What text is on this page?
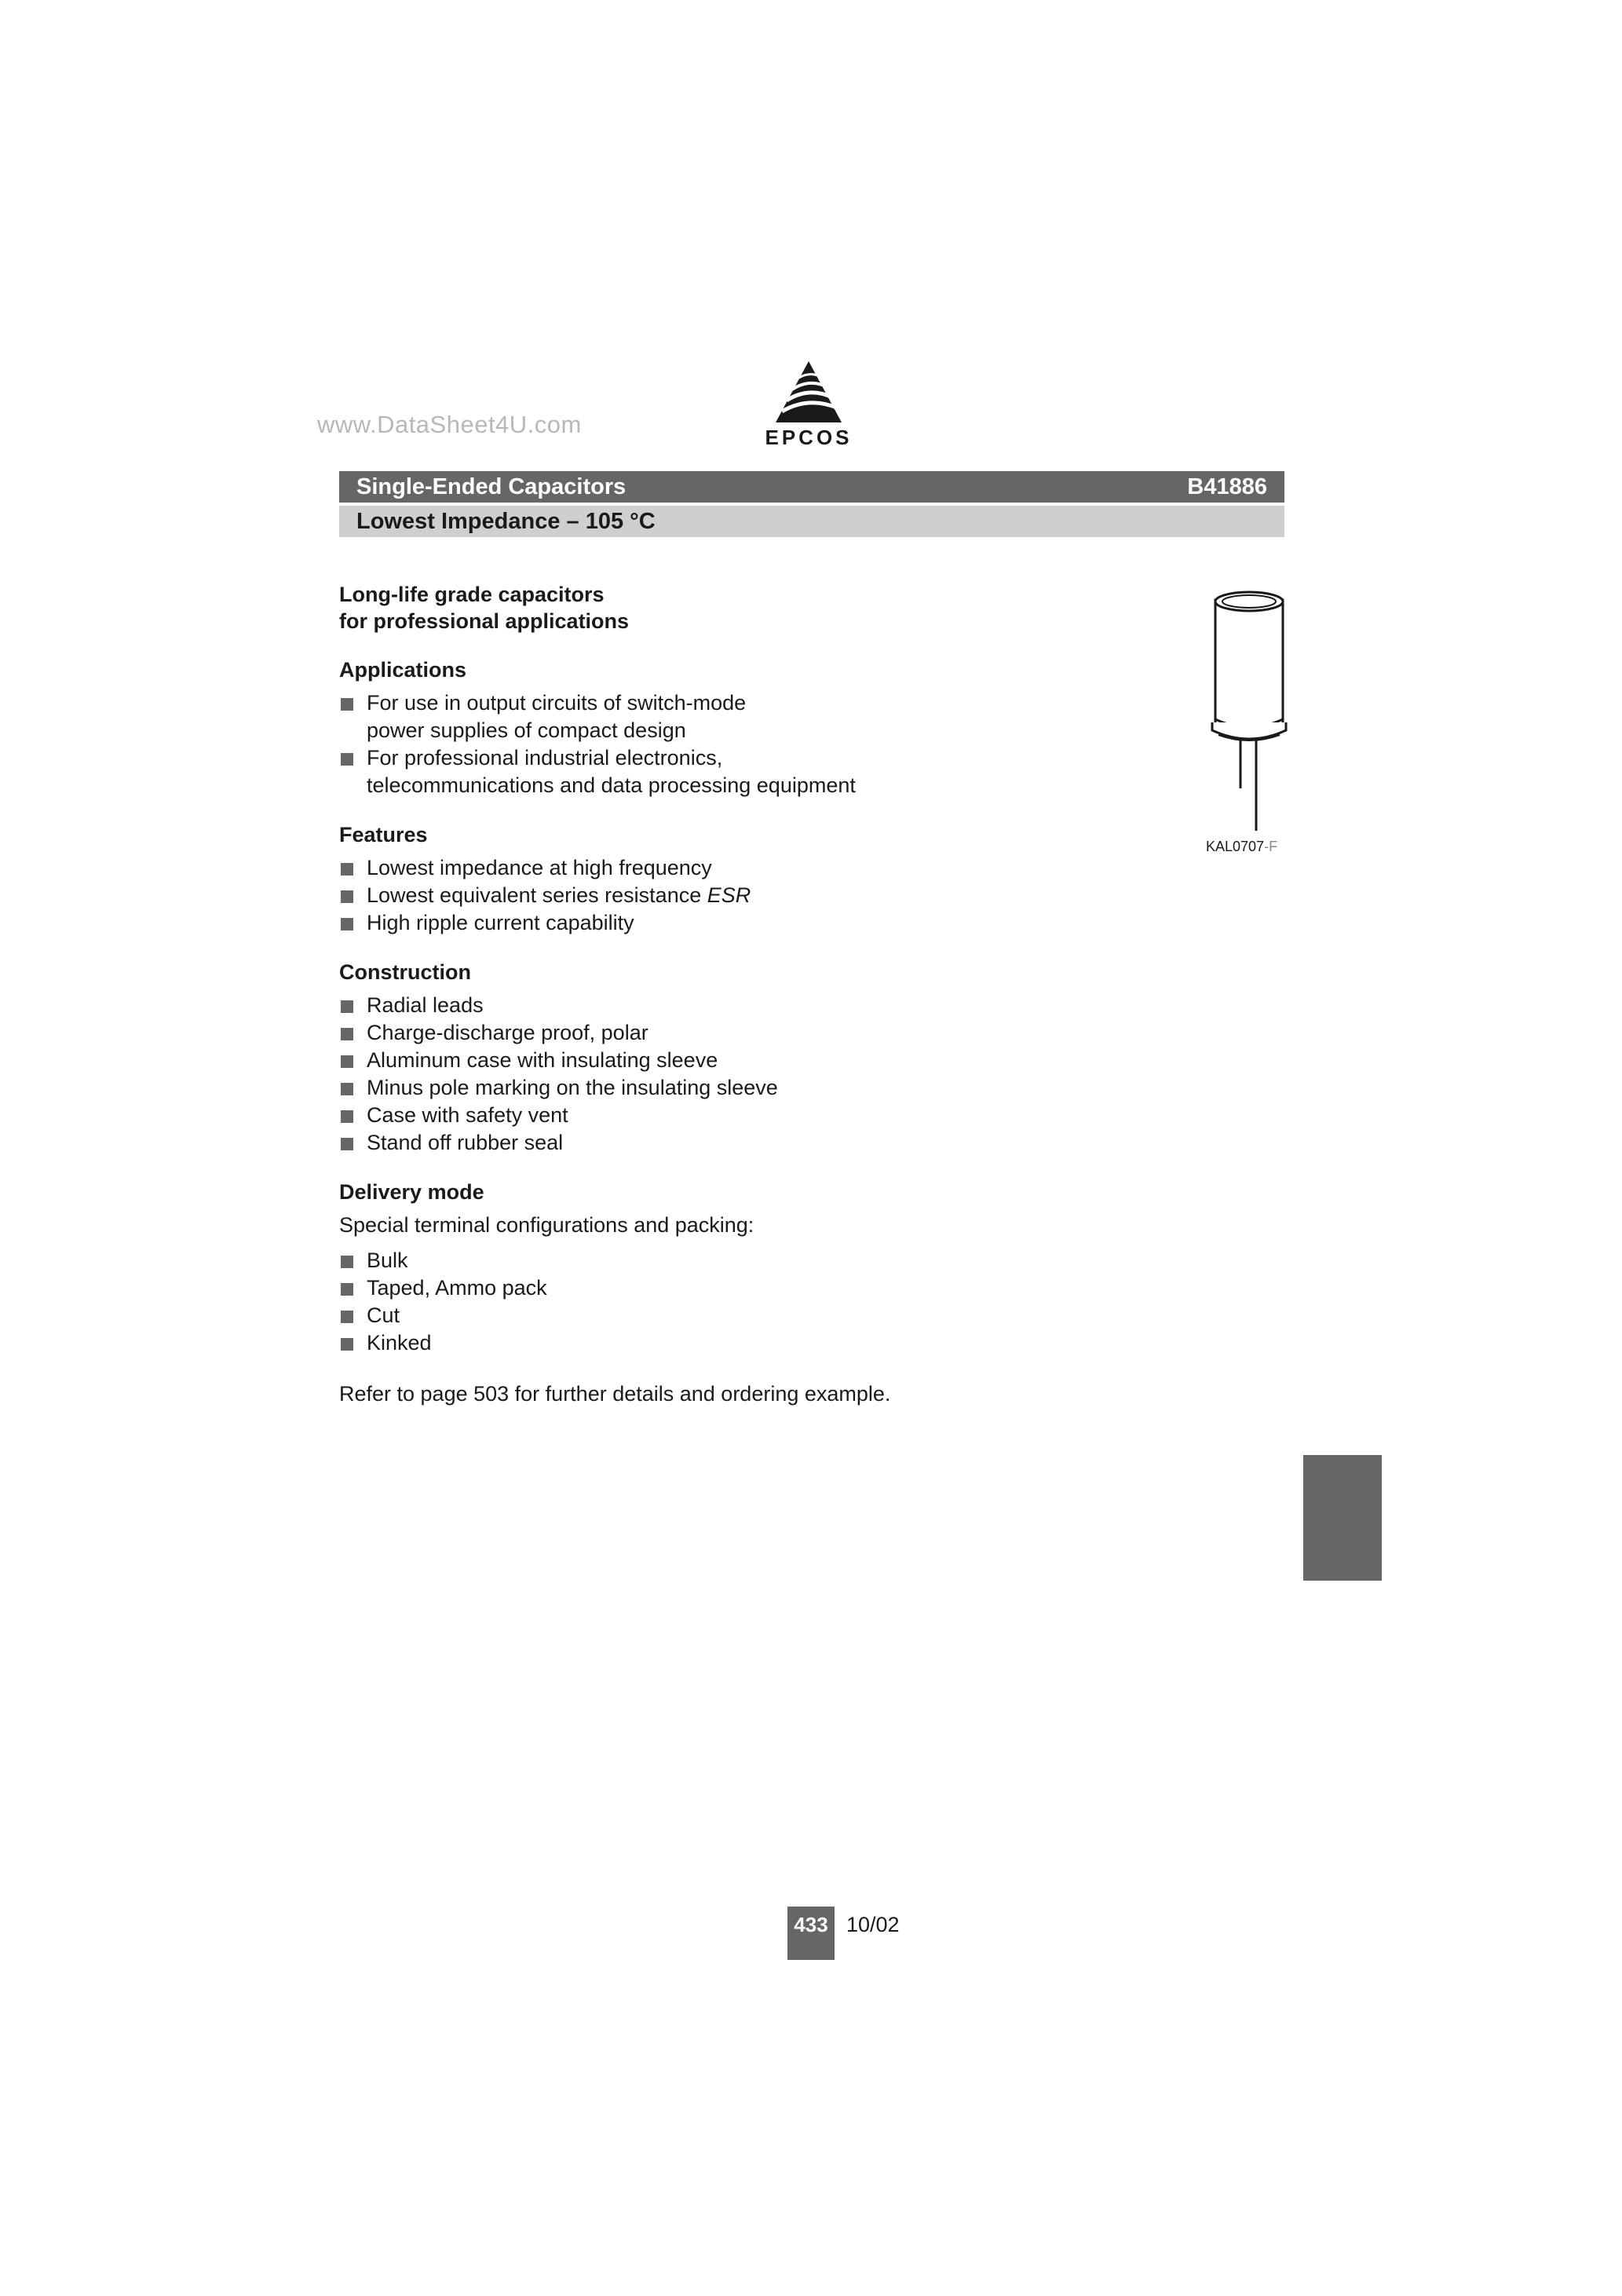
www.DataSheet4U.com	EPCOS
Single-Ended Capacitors	B41886
Lowest Impedance – 105 °C

Long-life grade capacitors
for professional applications

Applications
For use in output circuits of switch-mode
power supplies of compact design
For professional industrial electronics,
telecommunications and data processing equipment
Features
Lowest impedance at high frequency
Lowest equivalent series resistance ESR
High ripple current capability
Construction
Radial leads
Charge-discharge proof, polar
Aluminum case with insulating sleeve
Minus pole marking on the insulating sleeve
Case with safety vent
Stand off rubber seal
Delivery mode

Special terminal configurations and packing:

Bulk
Taped, Ammo pack
Cut
Kinked

Refer to page 503 for further details and ordering example.

KAL0707-F
433 10/02
